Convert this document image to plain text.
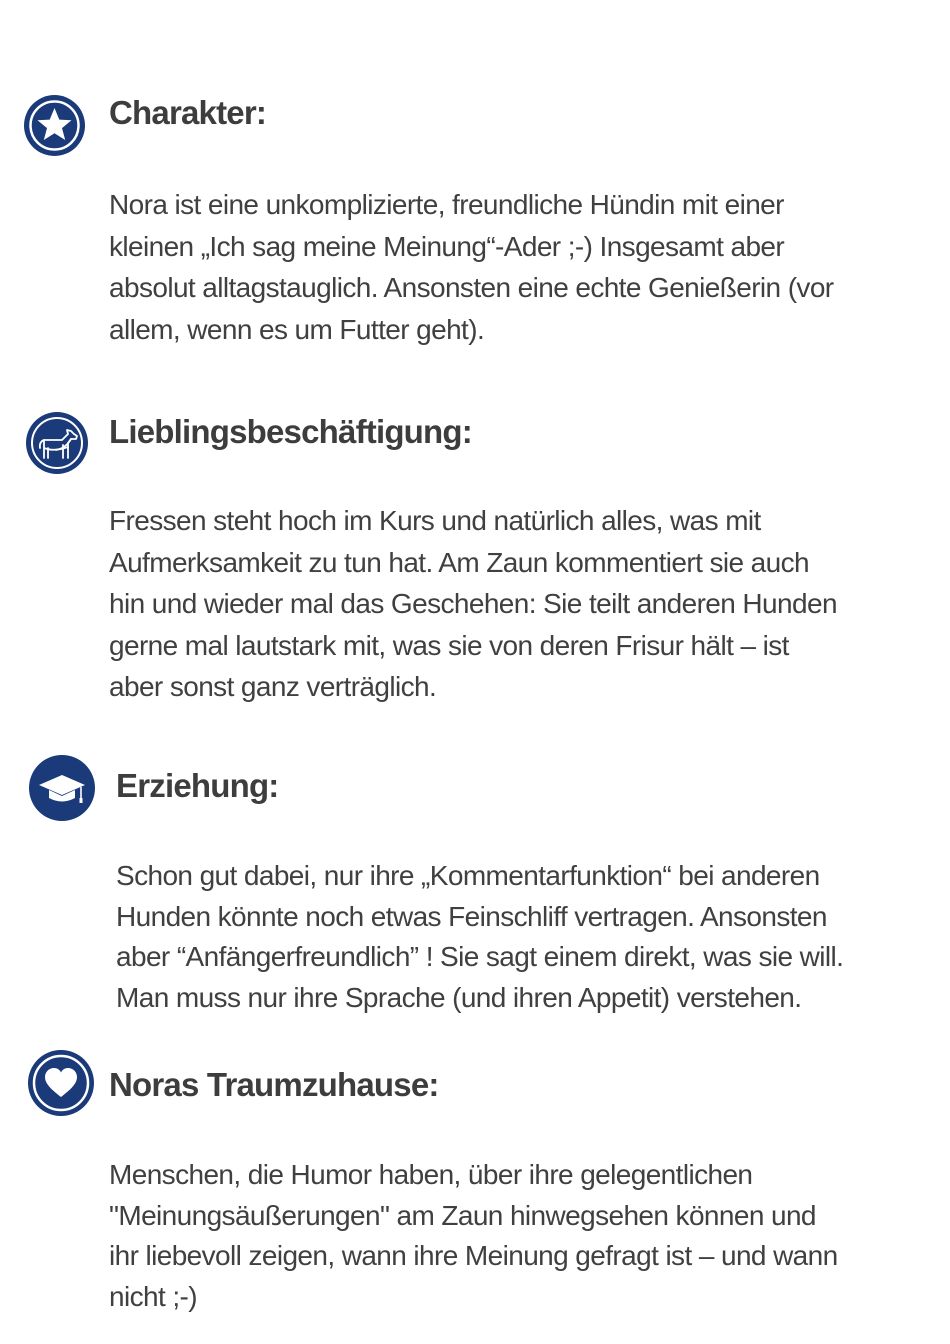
Charakter:

Nora ist eine unkomplizierte, freundliche Hündin mit einer
kleinen „Ich sag meine Meinung“-Ader ;-) Insgesamt aber
absolut alltagstauglich. Ansonsten eine echte Genießerin (vor
allem, wenn es um Futter geht).

Lieblingsbeschäftigung:

Fressen steht hoch im Kurs und natürlich alles, was mit
Aufmerksamkeit zu tun hat. Am Zaun kommentiert sie auch
hin und wieder mal das Geschehen: Sie teilt anderen Hunden
gerne mal lautstark mit, was sie von deren Frisur hält – ist
aber sonst ganz verträglich.

Erziehung:

Schon gut dabei, nur ihre „Kommentarfunktion“ bei anderen
Hunden könnte noch etwas Feinschliff vertragen. Ansonsten
aber “Anfängerfreundlich” ! Sie sagt einem direkt, was sie will.
Man muss nur ihre Sprache (und ihren Appetit) verstehen.

Noras Traumzuhause:

Menschen, die Humor haben, über ihre gelegentlichen
"Meinungsäußerungen" am Zaun hinwegsehen können und
ihr liebevoll zeigen, wann ihre Meinung gefragt ist – und wann
nicht ;-)
